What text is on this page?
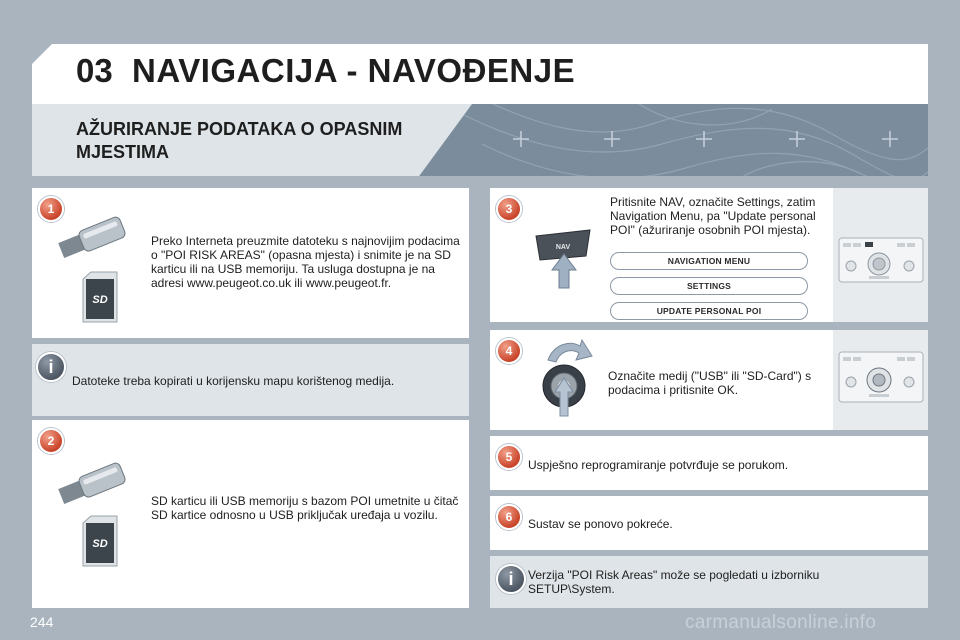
03 NAVIGACIJA - NAVOĐENJE
AŽURIRANJE PODATAKA O OPASNIM MJESTIMA
1
SD
Preko Interneta preuzmite datoteku s najnovijim podacima o "POI RISK AREAS" (opasna mjesta) i snimite je na SD karticu ili na USB memoriju. Ta usluga dostupna je na adresi www.peugeot.co.uk ili www.peugeot.fr.
i
Datoteke treba kopirati u korijensku mapu korištenog medija.
2
SD
SD karticu ili USB memoriju s bazom POI umetnite u čitač SD kartice odnosno u USB priključak uređaja u vozilu.
3
NAV
Pritisnite NAV, označite Settings, zatim Navigation Menu, pa "Update personal POI" (ažuriranje osobnih POI mjesta).
NAVIGATION MENU
SETTINGS
UPDATE PERSONAL POI
4
Označite medij ("USB" ili "SD-Card") s podacima i pritisnite OK.
5
Uspješno reprogramiranje potvrđuje se porukom.
6	Sustav se ponovo pokreće.
i	Verzija "POI Risk Areas" može se pogledati u izborniku SETUP\System.
244	carmanualsonline.info
